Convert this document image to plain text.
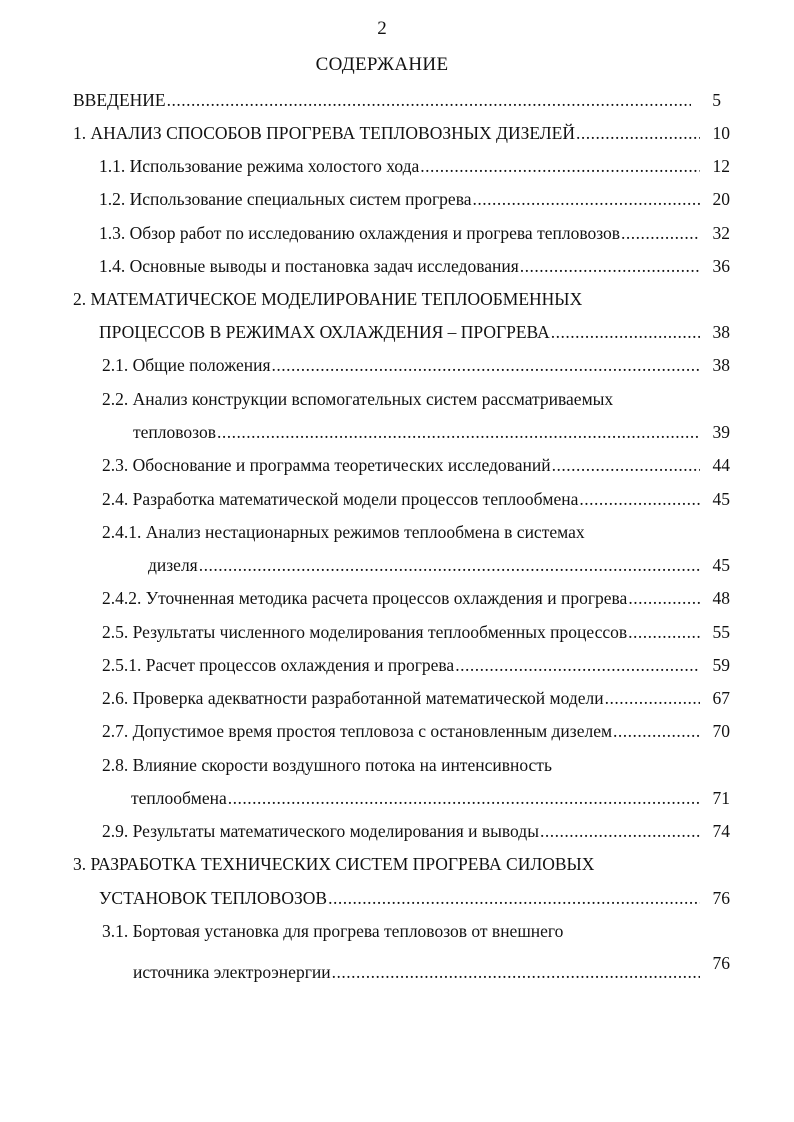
2
СОДЕРЖАНИЕ
ВВЕДЕНИЕ .....	5
1. АНАЛИЗ СПОСОБОВ ПРОГРЕВА ТЕПЛОВОЗНЫХ ДИЗЕЛЕЙ .....	10
1.1. Использование режима холостого хода .....	12
1.2. Использование специальных систем прогрева .....	20
1.3. Обзор работ по исследованию охлаждения и прогрева тепловозов .....	32
1.4. Основные выводы и постановка задач исследования .....	36
2. МАТЕМАТИЧЕСКОЕ МОДЕЛИРОВАНИЕ ТЕПЛООБМЕННЫХ
ПРОЦЕССОВ В РЕЖИМАХ ОХЛАЖДЕНИЯ – ПРОГРЕВА .....	38
2.1. Общие положения .....	38
2.2. Анализ конструкции вспомогательных систем рассматриваемых
тепловозов .....	39
2.3. Обоснование и программа теоретических исследований .....	44
2.4. Разработка математической модели процессов теплообмена .....	45
2.4.1. Анализ нестационарных режимов теплообмена в системах
дизеля .....	45
2.4.2. Уточненная методика расчета процессов охлаждения и прогрева .....	48
2.5. Результаты численного моделирования теплообменных процессов .....	55
2.5.1. Расчет процессов охлаждения и прогрева .....	59
2.6. Проверка адекватности разработанной математической модели .....	67
2.7. Допустимое время простоя тепловоза с остановленным дизелем .....	70
2.8. Влияние скорости воздушного потока на интенсивность
теплообмена .....	71
2.9. Результаты математического моделирования и выводы .....	74
3. РАЗРАБОТКА ТЕХНИЧЕСКИХ СИСТЕМ ПРОГРЕВА СИЛОВЫХ
УСТАНОВОК ТЕПЛОВОЗОВ .....	76
3.1. Бортовая установка для прогрева тепловозов от внешнего
источника электроэнергии .....	76
